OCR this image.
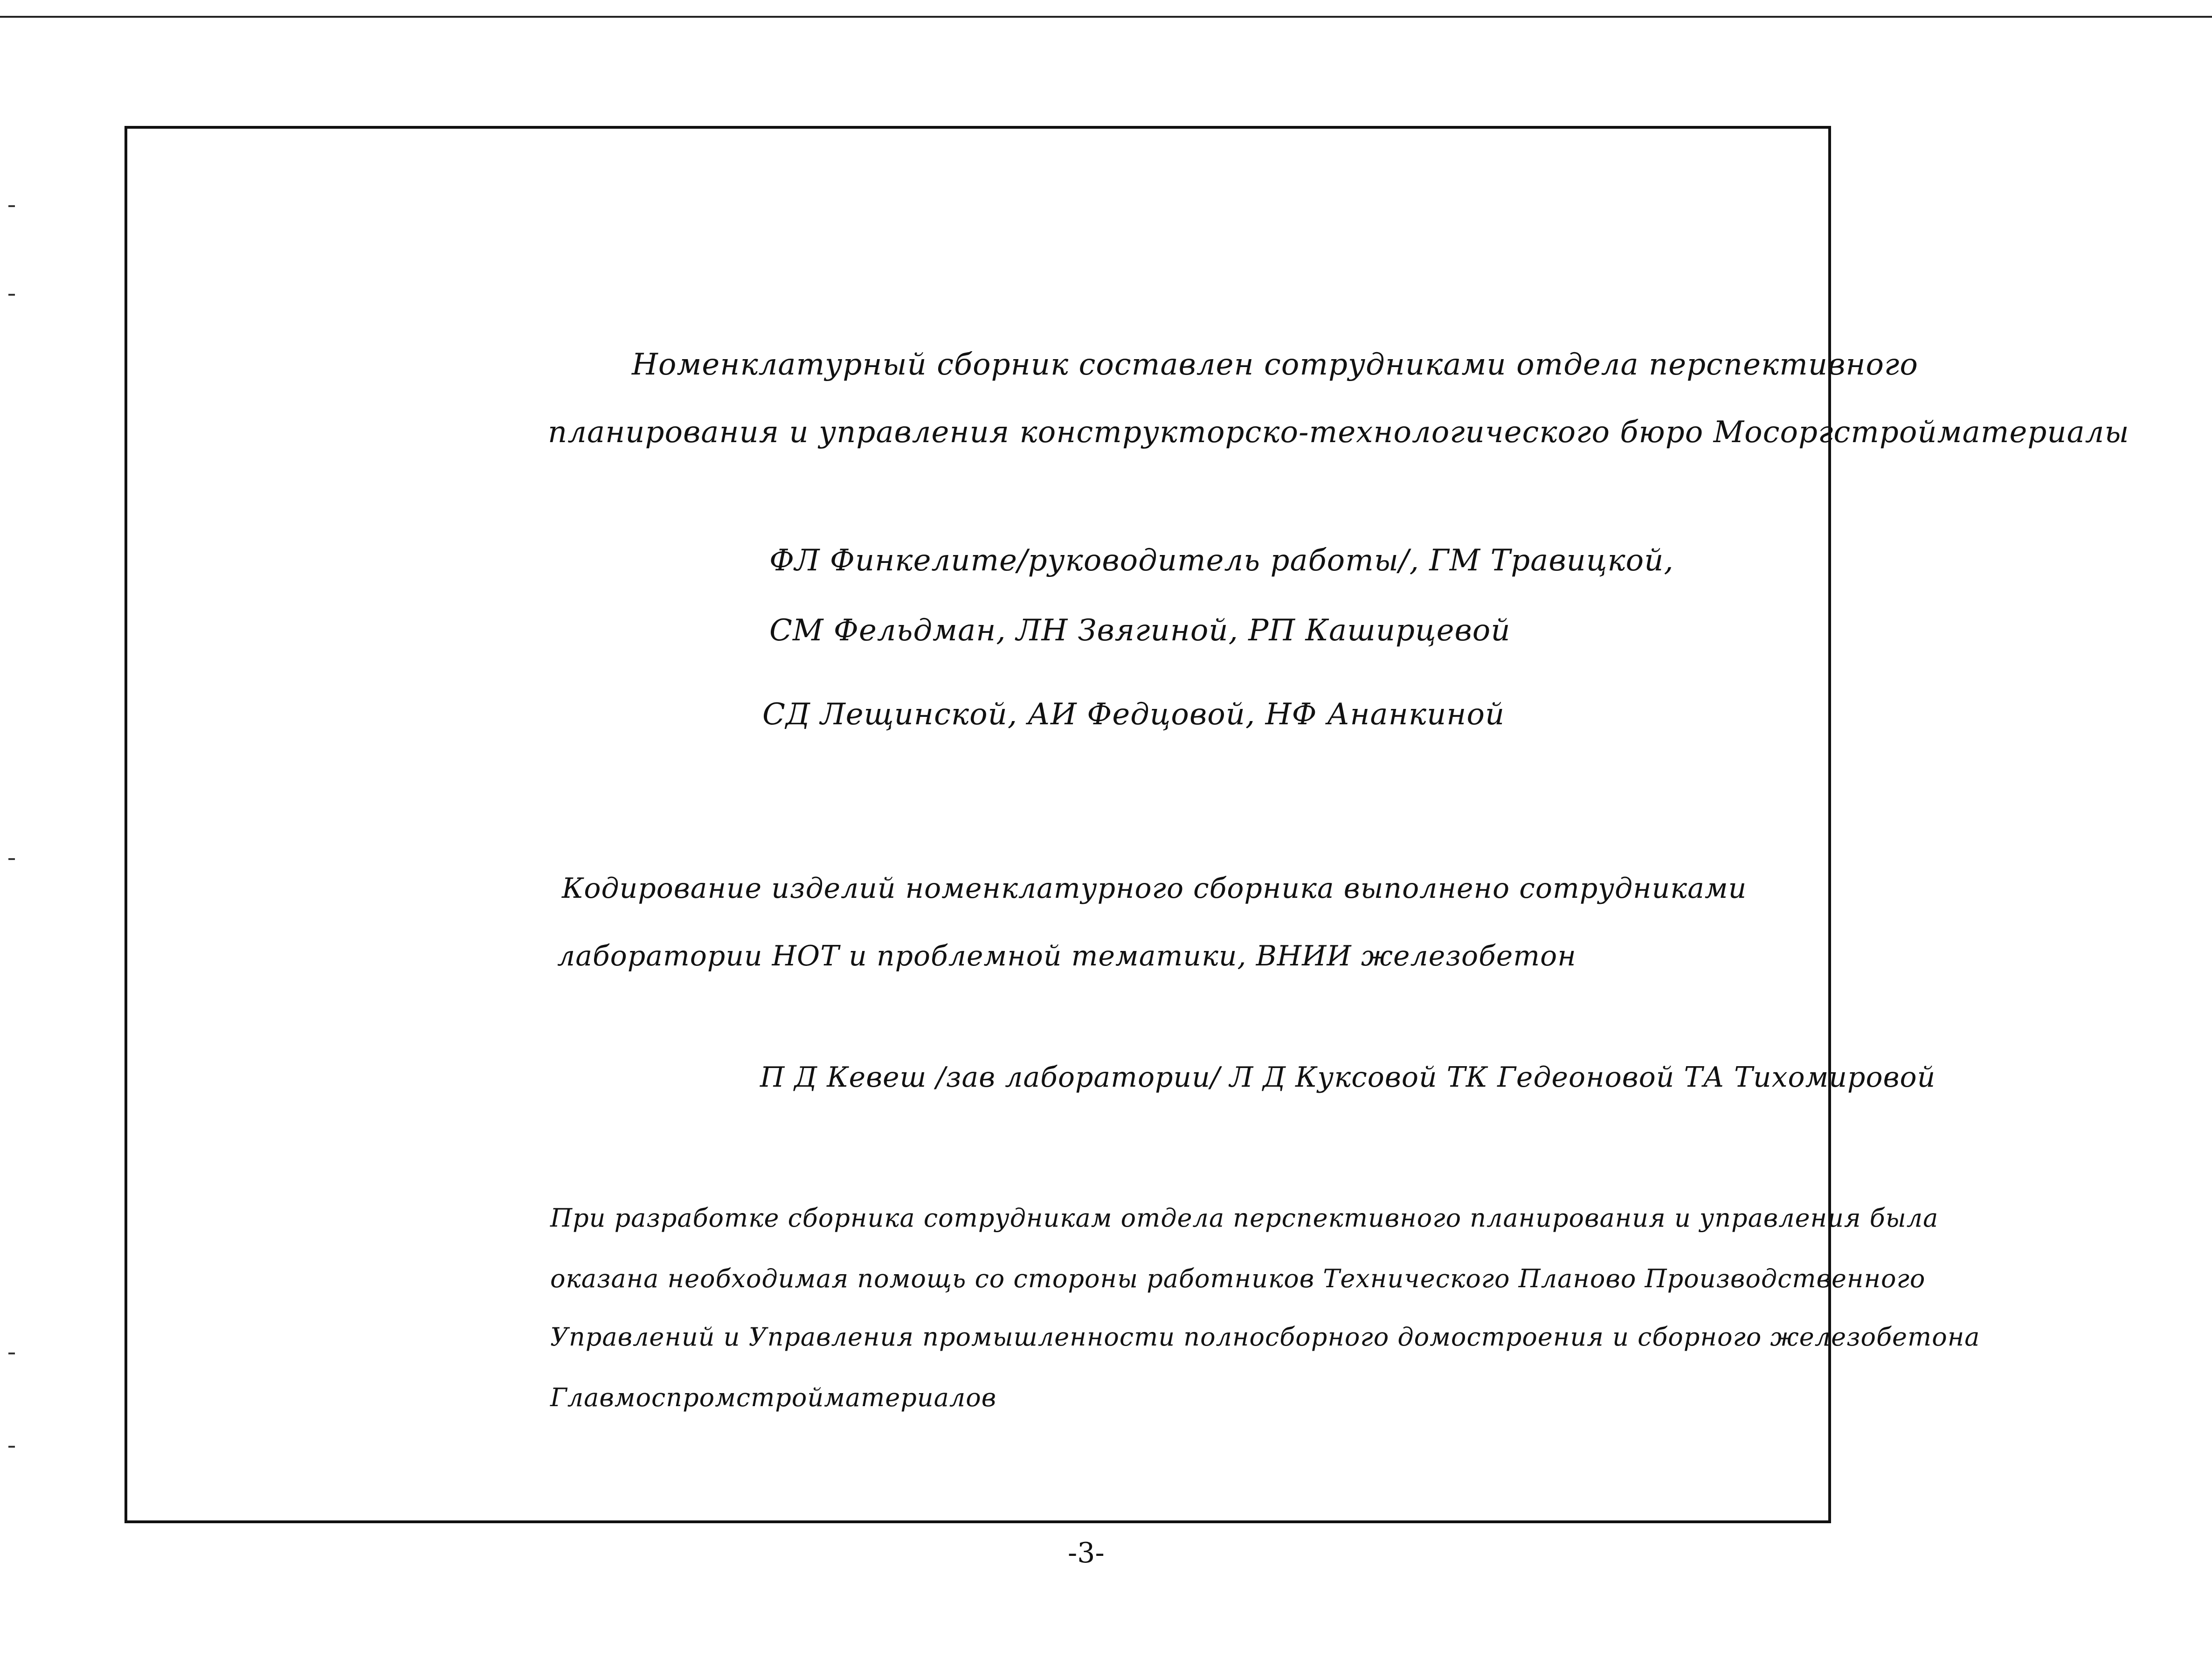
Номенклатурный сборник составлен сотрудниками отдела перспективного
планирования и управления конструкторско-технологического бюро Мосоргстройматериалы
ФЛ Финкелите/руководитель работы/, ГМ Травицкой,
СМ Фельдман, ЛН Звягиной, РП Каширцевой
СД Лещинской, АИ Федцовой, НФ Ананкиной
Кодирование изделий номенклатурного сборника выполнено сотрудниками
лаборатории НОТ и проблемной тематики, ВНИИ железобетон
П Д Кевеш /зав лаборатории/ Л Д Куксовой ТК Гедеоновой ТА Тихомировой
При разработке сборника сотрудникам отдела перспективного планирования и управления была
оказана необходимая помощь со стороны работников Технического Планово Производственного
Управлений и Управления промышленности полносборного домостроения и сборного железобетона
Главмоспромстройматериалов
-3-
